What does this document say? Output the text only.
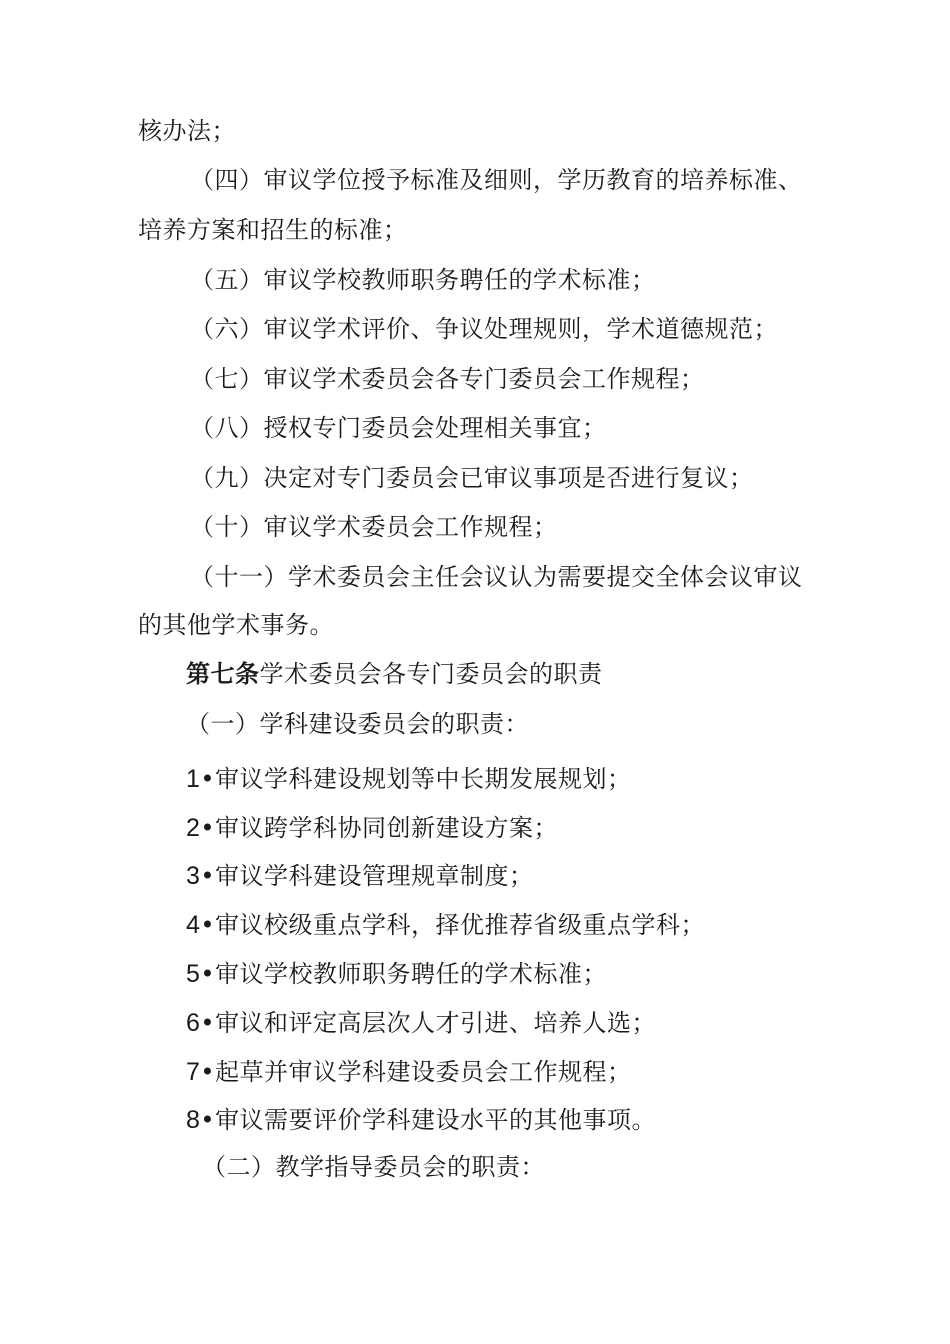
核办法；
（四）审议学位授予标准及细则，学历教育的培养标准、
培养方案和招生的标准；
（五）审议学校教师职务聘任的学术标准；
（六）审议学术评价、争议处理规则，学术道德规范；
（七）审议学术委员会各专门委员会工作规程；
（八）授权专门委员会处理相关事宜；
（九）决定对专门委员会已审议事项是否进行复议；
（十）审议学术委员会工作规程；
（十一）学术委员会主任会议认为需要提交全体会议审议
的其他学术事务。
第七条学术委员会各专门委员会的职责
（一）学科建设委员会的职责：
1•审议学科建设规划等中长期发展规划；
2•审议跨学科协同创新建设方案；
3•审议学科建设管理规章制度；
4•审议校级重点学科，择优推荐省级重点学科；
5•审议学校教师职务聘任的学术标准；
6•审议和评定高层次人才引进、培养人选；
7•起草并审议学科建设委员会工作规程；
8•审议需要评价学科建设水平的其他事项。
（二）教学指导委员会的职责：
